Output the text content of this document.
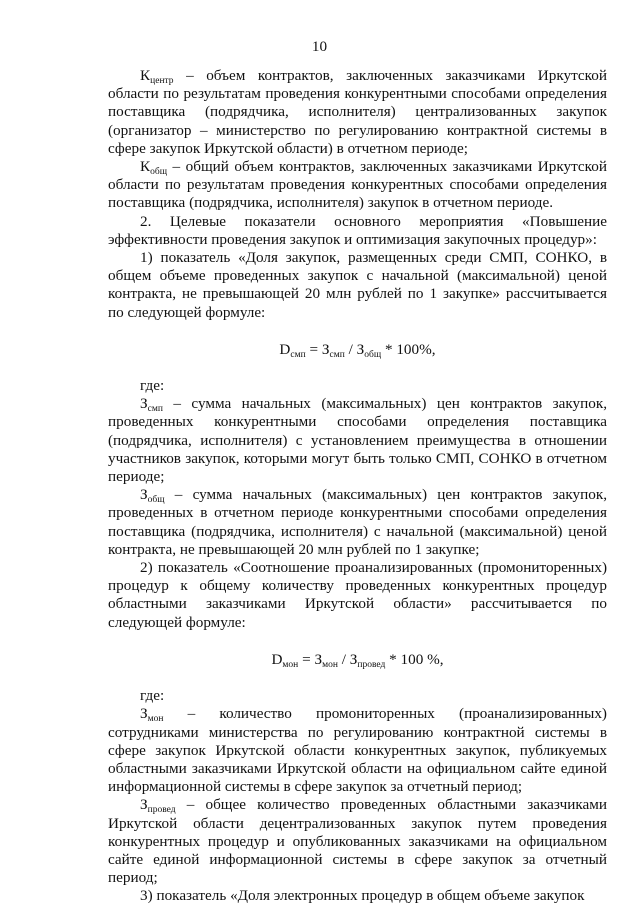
10

$К_{центр}$ – объем контрактов, заключенных заказчиками Иркутской области по результатам проведения конкурентными способами определения поставщика (подрядчика, исполнителя) централизованных закупок (организатор – министерство по регулированию контрактной системы в сфере закупок Иркутской области) в отчетном периоде;

$К_{общ}$ – общий объем контрактов, заключенных заказчиками Иркутской области по результатам проведения конкурентных способами определения поставщика (подрядчика, исполнителя) закупок в отчетном периоде.

2. Целевые показатели основного мероприятия «Повышение эффективности проведения закупок и оптимизация закупочных процедур»:

1) показатель «Доля закупок, размещенных среди СМП, СОНКО, в общем объеме проведенных закупок с начальной (максимальной) ценой контракта, не превышающей 20 млн рублей по 1 закупке» рассчитывается по следующей формуле:

$D_{смп} = З_{смп} / З_{общ} * 100\%$,

где:

$З_{смп}$ – сумма начальных (максимальных) цен контрактов закупок, проведенных конкурентными способами определения поставщика (подрядчика, исполнителя) с установлением преимущества в отношении участников закупок, которыми могут быть только СМП, СОНКО в отчетном периоде;

$З_{общ}$ – сумма начальных (максимальных) цен контрактов закупок, проведенных в отчетном периоде конкурентными способами определения поставщика (подрядчика, исполнителя) с начальной (максимальной) ценой контракта, не превышающей 20 млн рублей по 1 закупке;

2) показатель «Соотношение проанализированных (промониторенных) процедур к общему количеству проведенных конкурентных процедур областными заказчиками Иркутской области» рассчитывается по следующей формуле:

$D_{мон} = З_{мон} / З_{провед} * 100$ %,

где:

$З_{мон}$ – количество промониторенных (проанализированных) сотрудниками министерства по регулированию контрактной системы в сфере закупок Иркутской области конкурентных закупок, публикуемых областными заказчиками Иркутской области на официальном сайте единой информационной системы в сфере закупок за отчетный период;

$З_{провед}$ – общее количество проведенных областными заказчиками Иркутской области децентрализованных закупок путем проведения конкурентных процедур и опубликованных заказчиками на официальном сайте единой информационной системы в сфере закупок за отчетный период;

3) показатель «Доля электронных процедур в общем объеме закупок
